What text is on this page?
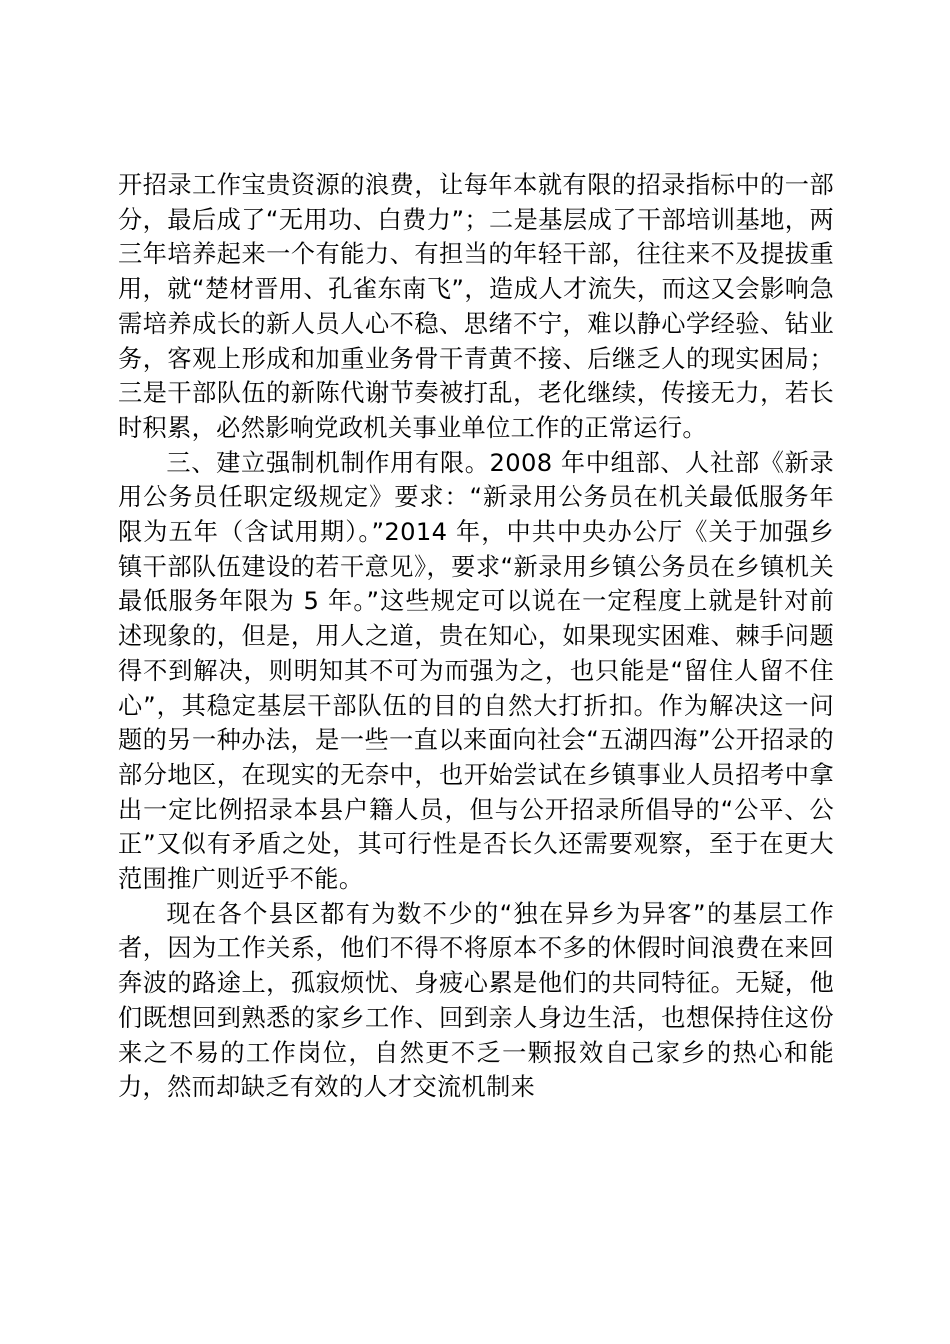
开招录工作宝贵资源的浪费，让每年本就有限的招录指标中的一部分，最后成了“无用功、白费力”；二是基层成了干部培训基地，两三年培养起来一个有能力、有担当的年轻干部，往往来不及提拔重用，就“楚材晋用、孔雀东南飞”，造成人才流失，而这又会影响急需培养成长的新人员人心不稳、思绪不宁，难以静心学经验、钻业务，客观上形成和加重业务骨干青黄不接、后继乏人的现实困局；三是干部队伍的新陈代谢节奏被打乱，老化继续，传接无力，若长时积累，必然影响党政机关事业单位工作的正常运行。

三、建立强制机制作用有限。2008 年中组部、人社部《新录用公务员任职定级规定》要求：“新录用公务员在机关最低服务年限为五年（含试用期）。”2014 年，中共中央办公厅《关于加强乡镇干部队伍建设的若干意见》，要求“新录用乡镇公务员在乡镇机关最低服务年限为 5 年。”这些规定可以说在一定程度上就是针对前述现象的，但是，用人之道，贵在知心，如果现实困难、棘手问题得不到解决，则明知其不可为而强为之，也只能是“留住人留不住心”，其稳定基层干部队伍的目的自然大打折扣。作为解决这一问题的另一种办法，是一些一直以来面向社会“五湖四海”公开招录的部分地区，在现实的无奈中，也开始尝试在乡镇事业人员招考中拿出一定比例招录本县户籍人员，但与公开招录所倡导的“公平、公正”又似有矛盾之处，其可行性是否长久还需要观察，至于在更大范围推广则近乎不能。

现在各个县区都有为数不少的“独在异乡为异客”的基层工作者，因为工作关系，他们不得不将原本不多的休假时间浪费在来回奔波的路途上，孤寂烦忧、身疲心累是他们的共同特征。无疑，他们既想回到熟悉的家乡工作、回到亲人身边生活，也想保持住这份来之不易的工作岗位，自然更不乏一颗报效自己家乡的热心和能力，然而却缺乏有效的人才交流机制来
